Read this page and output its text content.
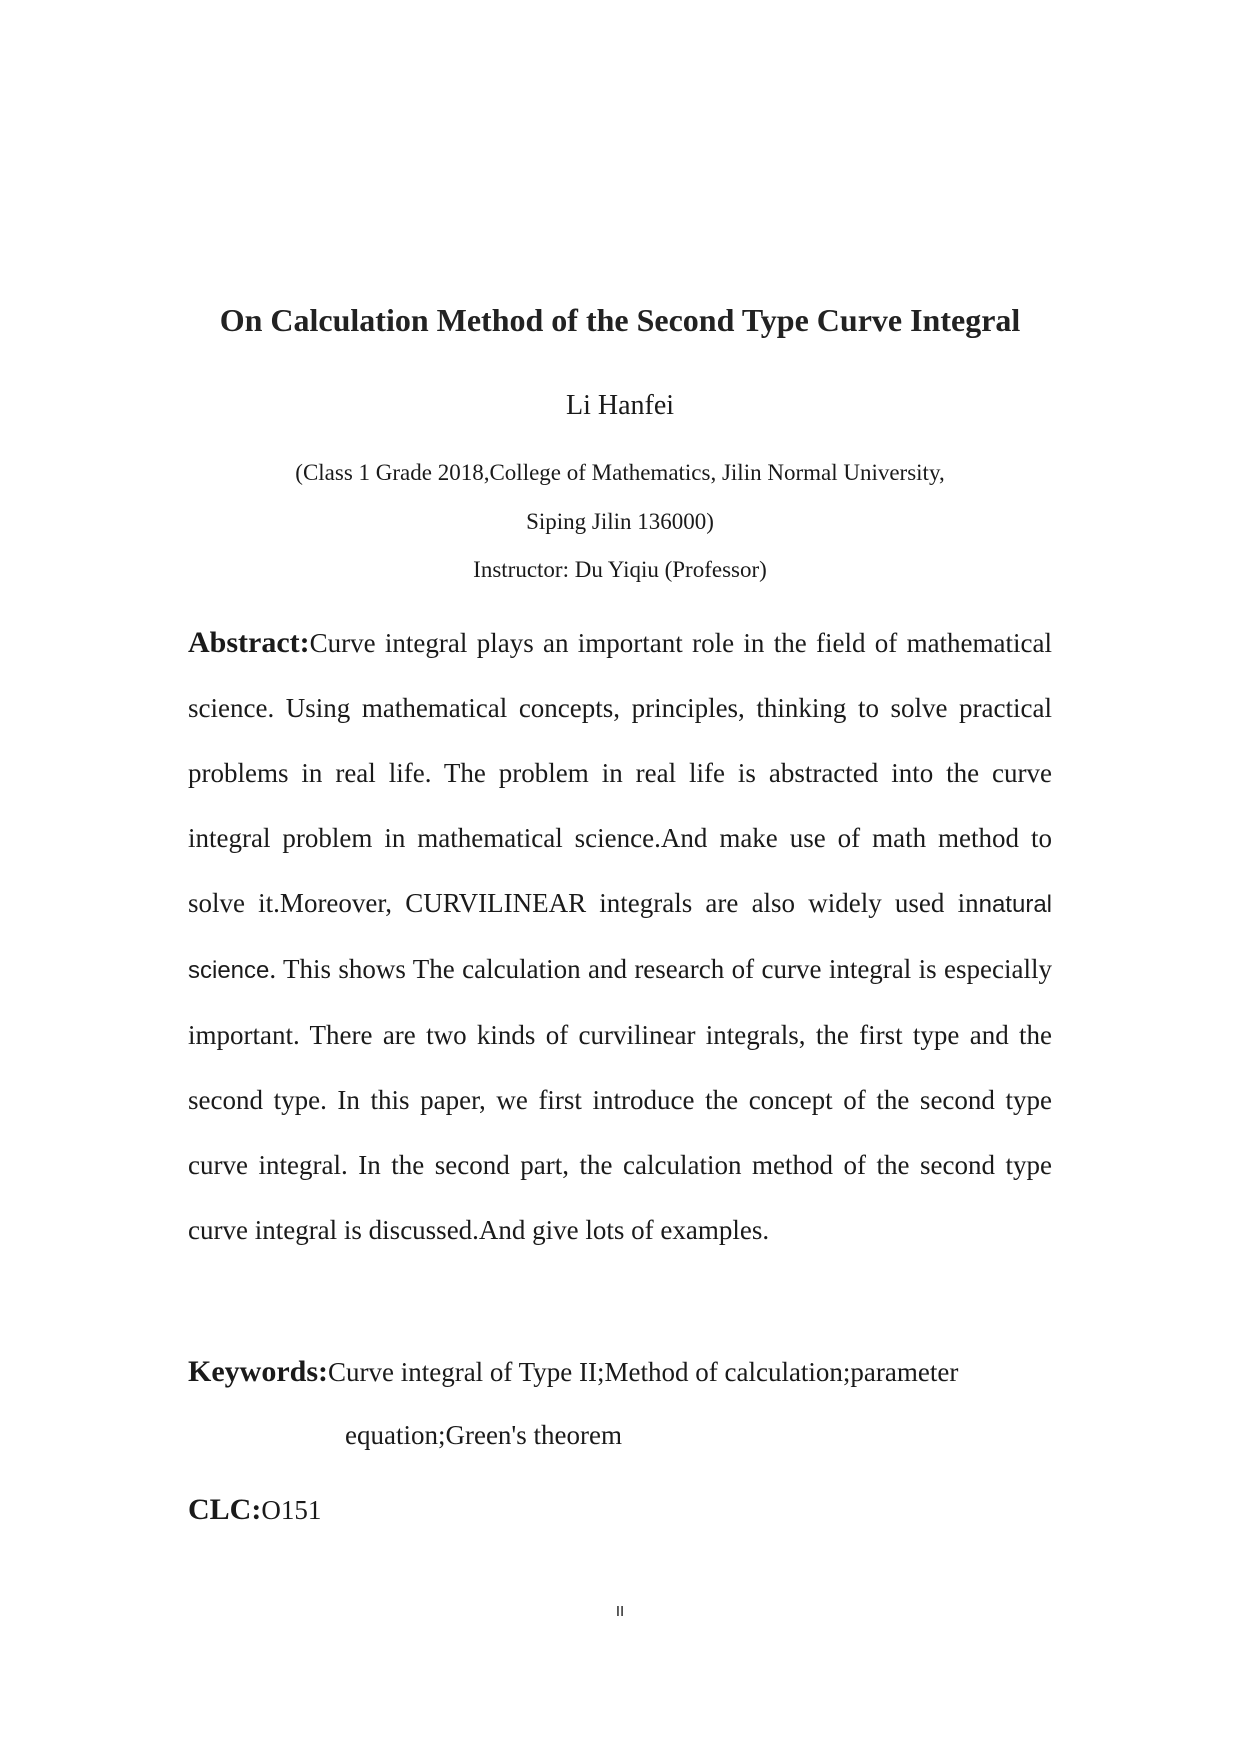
On Calculation Method of the Second Type Curve Integral
Li Hanfei
(Class 1 Grade 2018,College of Mathematics, Jilin Normal University,
Siping Jilin 136000)
Instructor: Du Yiqiu (Professor)

Abstract:Curve integral plays an important role in the field of mathematical science. Using mathematical concepts, principles, thinking to solve practical problems in real life. The problem in real life is abstracted into the curve integral problem in mathematical science.And make use of math method to solve it.Moreover, CURVILINEAR integrals are also widely used innatural science. This shows The calculation and research of curve integral is especially important. There are two kinds of curvilinear integrals, the first type and the second type. In this paper, we first introduce the concept of the second type curve integral. In the second part, the calculation method of the second type curve integral is discussed.And give lots of examples.

Keywords: Curve integral of Type II;Method of calculation;parameter
equation;Green's theorem
CLC:O151
II
